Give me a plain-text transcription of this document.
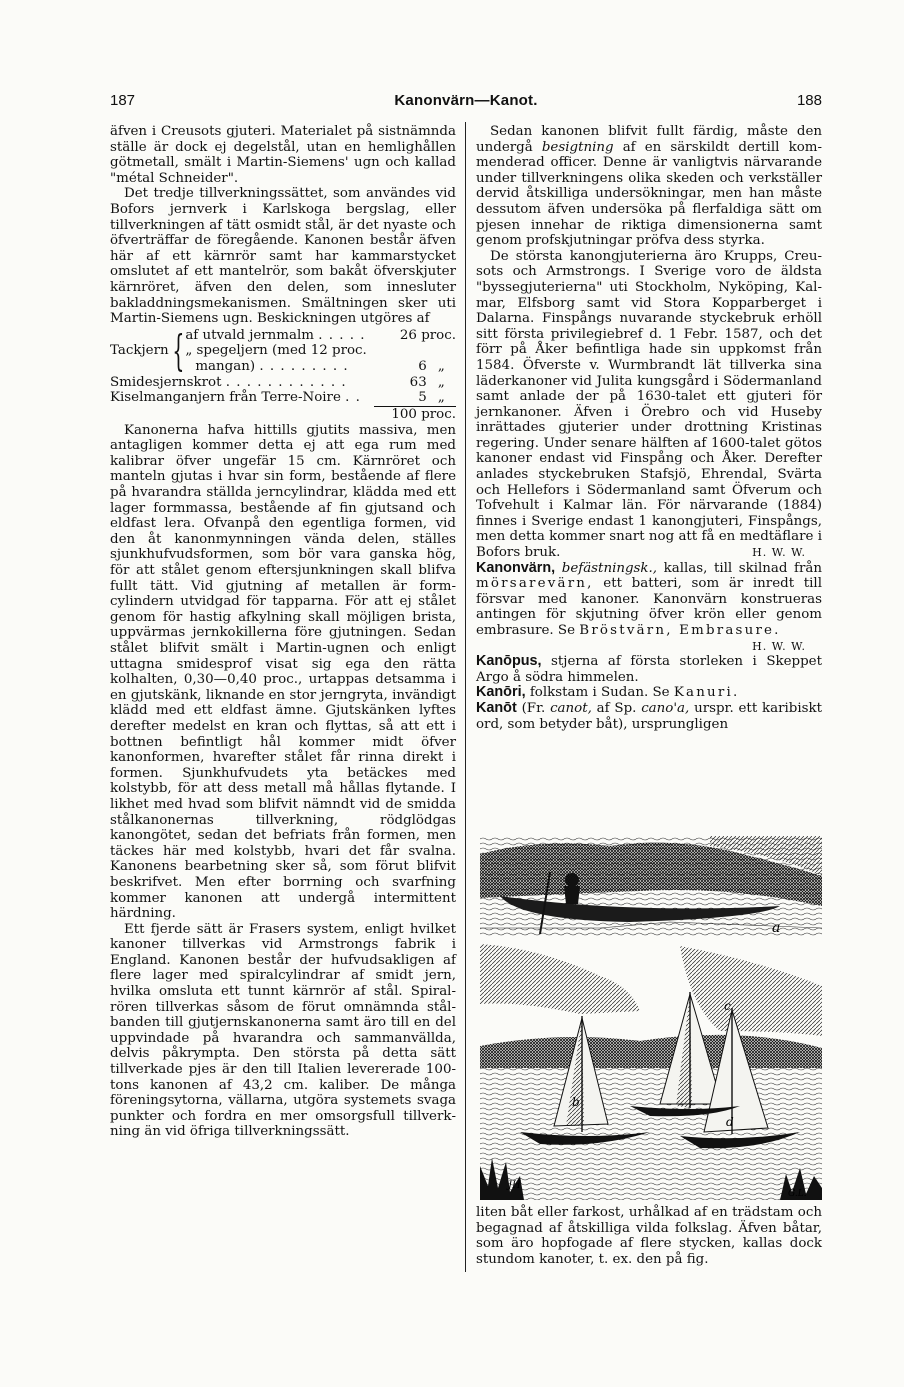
187	Kanonvärn—Kanot.	188

äfven i Creusots gjuteri. Materialet på sistnämnda ställe är dock ej degelstål, utan en hemlighållen götmetall, smält i Martin-Siemens' ugn och kallad "métal Schneider".

Det tredje tillverkningssättet, som användes vid Bofors jernverk i Karlskoga bergslag, eller tillverkningen af tätt osmidt stål, är det nyaste och öfverträffar de föregående. Kanonen består äfven här af ett kärnrör samt har kammarstycket omslutet af ett mantelrör, som bakåt öfverskjuter kärnröret, äfven den delen, som innesluter bakladdningsmekanismen. Smältningen sker uti Martin-Siemens ugn. Beskickningen utgöres af

Tackjern	{	af utvald jernmalm . . . . .	26 proc.	
		„ spegeljern (med 12 proc.		
		mangan) . . . . . . . . .	6	„
Smidesjernskrot . . . . . . . . . . . .			63	„
Kiselmanganjern från Terre-Noire . .			5	„
100 proc.

Kanonerna hafva hittills gjutits massiva, men antagligen kommer detta ej att ega rum med kalibrar öfver ungefär 15 cm. Kärnröret och manteln gjutas i hvar sin form, bestående af flere på hvarandra ställda jerncylindrar, klädda med ett lager formmassa, bestående af fin gjutsand och eldfast lera. Ofvanpå den egentliga formen, vid den åt kanonmynningen vända delen, ställes sjunkhufvudsformen, som bör vara ganska hög, för att stålet genom eftersjunkningen skall blifva fullt tätt. Vid gjutning af metallen är formcylindern utvidgad för tapparna. För att ej stålet genom för hastig afkylning skall möjligen brista, uppvärmas jernkokillerna före gjutningen. Sedan stålet blifvit smält i Martin-ugnen och enligt uttagna smidesprof visat sig ega den rätta kolhalten, 0,30—0,40 proc., urtappas detsamma i en gjutskänk, liknande en stor jerngryta, invändigt klädd med ett eldfast ämne. Gjutskänken lyftes derefter medelst en kran och flyttas, så att ett i bottnen befintligt hål kommer midt öfver kanonformen, hvarefter stålet får rinna direkt i formen. Sjunkhufvudets yta betäckes med kolstybb, för att dess metall må hållas flytande. I likhet med hvad som blifvit nämndt vid de smidda stålkanonernas tillverkning, rödglödgas kanongötet, sedan det befriats från formen, men täckes här med kolstybb, hvari det får svalna. Kanonens bearbetning sker så, som förut blifvit beskrifvet. Men efter borrning och svarfning kommer kanonen att undergå intermittent härdning.

Ett fjerde sätt är Frasers system, enligt hvilket kanoner tillverkas vid Armstrongs fabrik i England. Kanonen består der hufvudsakligen af flere lager med spiralcylindrar af smidt jern, hvilka omsluta ett tunnt kärnrör af stål. Spiralrören tillverkas såsom de förut omnämnda stålbanden till gjutjernskanonerna samt äro till en del uppvindade på hvarandra och sammanvällda, delvis påkrympta. Den största på detta sätt tillverkade pjes är den till Italien levererade 100-tons kanonen af 43,2 cm. kaliber. De många föreningsytorna, vällarna, utgöra systemets svaga punkter och fordra en mer omsorgsfull tillverkning än vid öfriga tillverkningssätt.

Sedan kanonen blifvit fullt färdig, måste den undergå besigtning af en särskildt dertill kommenderad officer. Denne är vanligtvis närvarande under tillverkningens olika skeden och verkställer dervid åtskilliga undersökningar, men han måste dessutom äfven undersöka på flerfaldiga sätt om pjesen innehar de riktiga dimensionerna samt genom profskjutningar pröfva dess styrka.

De största kanongjuterierna äro Krupps, Creusots och Armstrongs. I Sverige voro de äldsta "byssegjuterierna" uti Stockholm, Nyköping, Kalmar, Elfsborg samt vid Stora Kopparberget i Dalarna. Finspångs nuvarande styckebruk erhöll sitt första privilegiebref d. 1 Febr. 1587, och det förr på Åker befintliga hade sin uppkomst från 1584. Öfverste v. Wurmbrandt lät tillverka sina läderkanoner vid Julita kungsgård i Södermanland samt anlade der på 1630-talet ett gjuteri för jernkanoner. Äfven i Örebro och vid Huseby inrättades gjuterier under drottning Kristinas regering. Under senare hälften af 1600-talet götos kanoner endast vid Finspång och Åker. Derefter anlades styckebruken Stafsjö, Ehrendal, Svärta och Hellefors i Södermanland samt Öfverum och Tofvehult i Kalmar län. För närvarande (1884) finnes i Sverige endast 1 kanongjuteri, Finspångs, men detta kommer snart nog att få en medtäflare i Bofors bruk.	H. W. W.

Kanonvärn, befästningsk., kallas, till skilnad från mörsarevärn, ett batteri, som är inredt till försvar med kanoner. Kanonvärn konstrueras antingen för skjutning öfver krön eller genom embrasure. Se Bröstvärn, Embrasure.
H. W. W.

Kanōpus, stjerna af första storleken i Skeppet Argo å södra himmelen.

Kanōri, folkstam i Sudan. Se Kanuri.

Kanōt (Fr. canot, af Sp. cano'a, urspr. ett karibiskt ord, som betyder båt), ursprungligen

a
c
b
d
JH
G.L.
liten båt eller farkost, urhålkad af en trädstam och begagnad af åtskilliga vilda folkslag. Äfven båtar, som äro hopfogade af flere stycken, kallas dock stundom kanoter, t. ex. den på fig.
